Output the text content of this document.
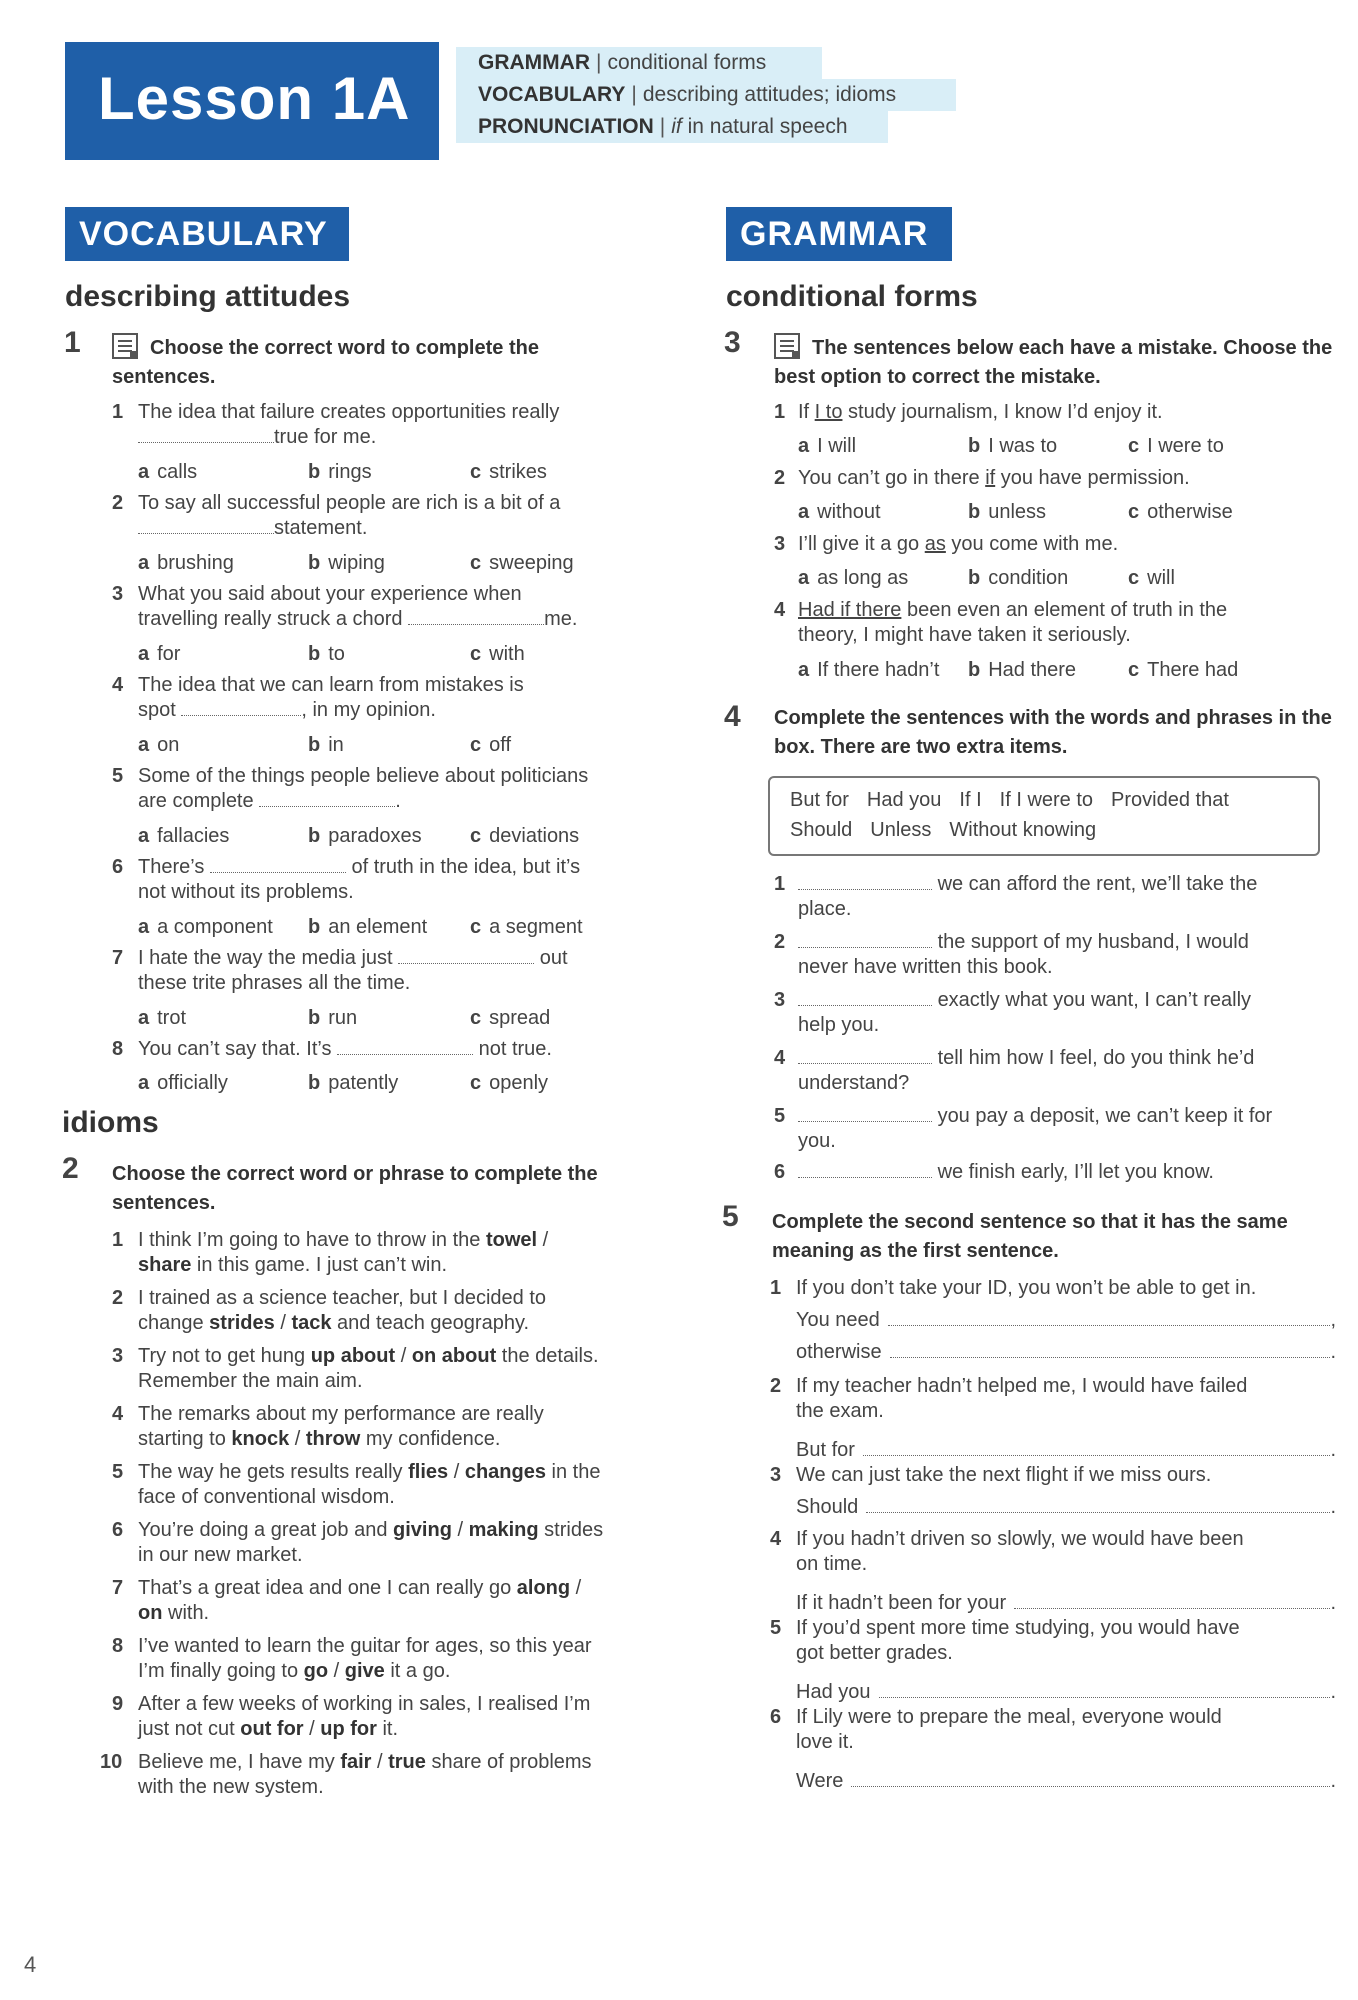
Lesson 1A
GRAMMAR | conditional forms
VOCABULARY | describing attitudes; idioms
PRONUNCIATION | if in natural speech
VOCABULARY
describing attitudes
1	Choose the correct word to complete the sentences.
1 The idea that failure creates opportunities really
true for me.
a calls	b rings	c strikes
2 To say all successful people are rich is a bit of a
statement.
a brushing	b wiping	c sweeping
3 What you said about your experience when
travelling really struck a chord	me.
a for	b to	c with
4 The idea that we can learn from mistakes is
spot	, in my opinion.
a on	b in	c off
5 Some of the things people believe about politicians
are complete	.
a fallacies	b paradoxes c deviations
6 There’s	of truth in the idea, but it’s
not without its problems.
a a component b an element c a segment
7 I hate the way the media just	out
these trite phrases all the time.
a trot	b run	c spread
8 You can’t say that. It’s	not true.
a officially	b patently	c openly
idioms
2 Choose the correct word or phrase to complete the sentences.
1 I think I’m going to have to throw in the towel /
share in this game. I just can’t win.
2 I trained as a science teacher, but I decided to
change strides / tack and teach geography.
3 Try not to get hung up about / on about the details.
Remember the main aim.
4 The remarks about my performance are really
starting to knock / throw my confidence.
5 The way he gets results really flies / changes in the
face of conventional wisdom.
6 You’re doing a great job and giving / making strides
in our new market.
7 That’s a great idea and one I can really go along /
on with.
8 I’ve wanted to learn the guitar for ages, so this year
I’m finally going to go / give it a go.
9 After a few weeks of working in sales, I realised I’m
just not cut out for / up for it.
10 Believe me, I have my fair / true share of problems
with the new system.
GRAMMAR
conditional forms
3	The sentences below each have a mistake. Choose the best option to correct the mistake.
1 If I to study journalism, I know I’d enjoy it.
a I will	b I was to	c I were to
2 You can’t go in there if you have permission.
a without	b unless	c otherwise
3 I’ll give it a go as you come with me.
a as long as	b condition	c will
4 Had if there been even an element of truth in the
theory, I might have taken it seriously.
a If there hadn’t b Had there	c There had
4 Complete the sentences with the words and phrases in the box. There are two extra items.
But for Had you If I If I were to Provided that
Should Unless Without knowing
1	we can afford the rent, we’ll take the
place.
2	the support of my husband, I would
never have written this book.
3	exactly what you want, I can’t really
help you.
4	tell him how I feel, do you think he’d
understand?
5	you pay a deposit, we can’t keep it for
you.
6	we finish early, I’ll let you know.

5 Complete the second sentence so that it has the same meaning as the first sentence.
1 If you don’t take your ID, you won’t be able to get in.
You need	,
otherwise	.
2 If my teacher hadn’t helped me, I would have failed
the exam.
But for	.
3 We can just take the next flight if we miss ours.
Should	.
4 If you hadn’t driven so slowly, we would have been
on time.
If it hadn’t been for your	.
5 If you’d spent more time studying, you would have
got better grades.
Had you	.
6 If Lily were to prepare the meal, everyone would
love it.
Were	.
4
